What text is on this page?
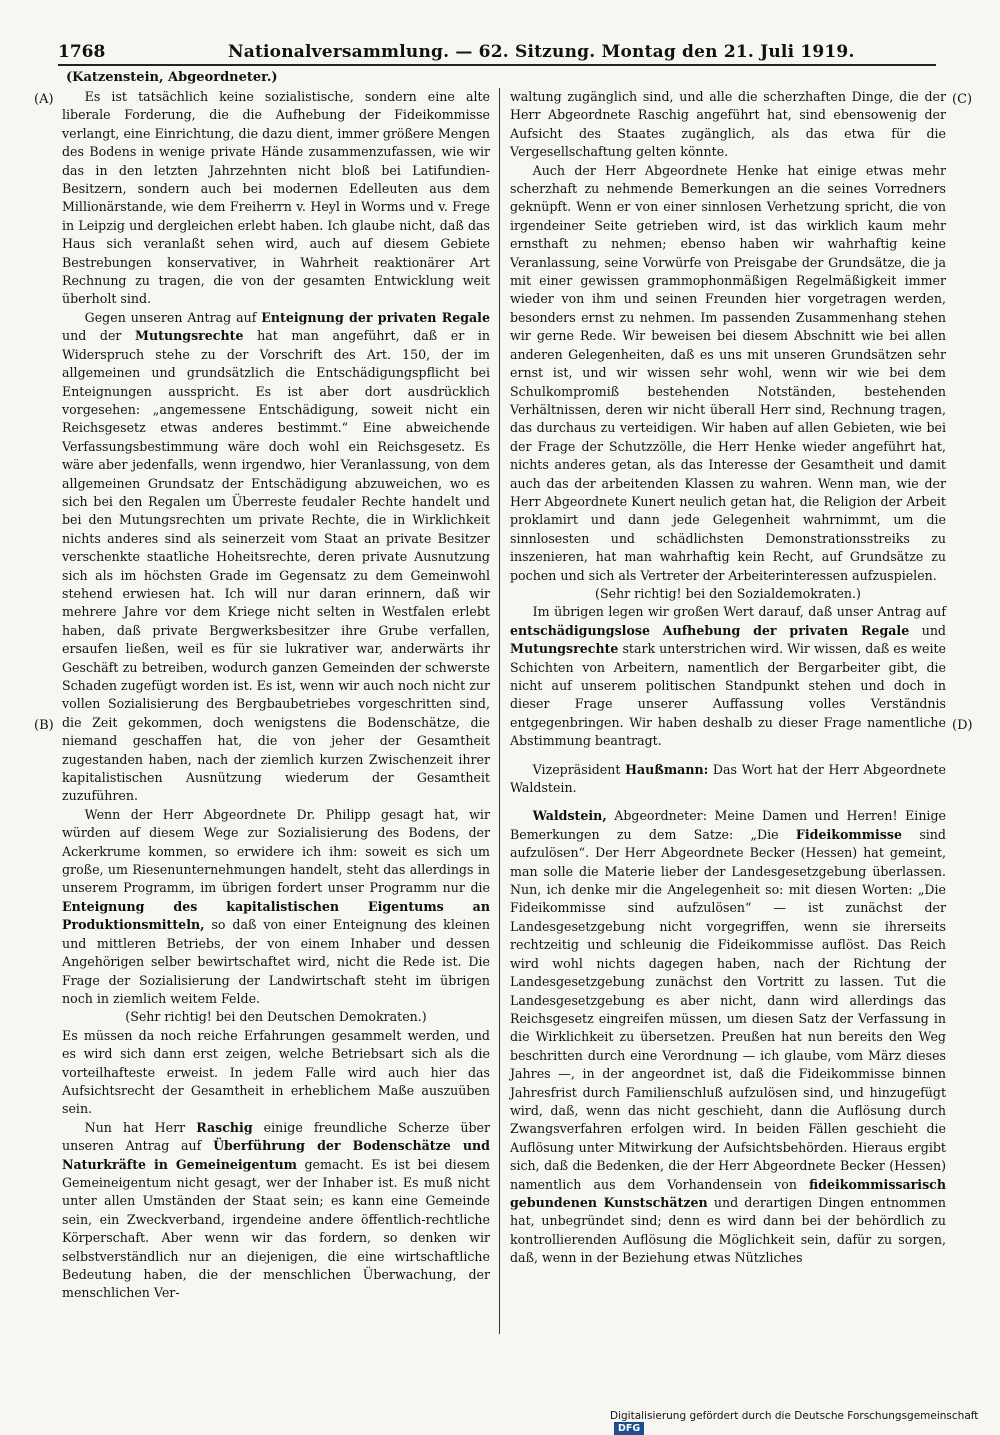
1768	Nationalversammlung. — 62. Sitzung. Montag den 21. Juli 1919.
(Katzenstein, Abgeordneter.)
(A)
(B)
(C)
(D)

Es ist tatsächlich keine sozialistische, sondern eine alte liberale Forderung, die die Aufhebung der Fideikommisse verlangt, eine Einrichtung, die dazu dient, immer größere Mengen des Bodens in wenige private Hände zusammenzufassen, wie wir das in den letzten Jahrzehnten nicht bloß bei Latifundien-Besitzern, sondern auch bei modernen Edelleuten aus dem Millionärstande, wie dem Freiherrn v. Heyl in Worms und v. Frege in Leipzig und dergleichen erlebt haben. Ich glaube nicht, daß das Haus sich veranlaßt sehen wird, auch auf diesem Gebiete Bestrebungen konservativer, in Wahrheit reaktionärer Art Rechnung zu tragen, die von der gesamten Entwicklung weit überholt sind.

Gegen unseren Antrag auf Enteignung der privaten Regale und der Mutungsrechte hat man angeführt, daß er in Widerspruch stehe zu der Vorschrift des Art. 150, der im allgemeinen und grundsätzlich die Entschädigungspflicht bei Enteignungen ausspricht. Es ist aber dort ausdrücklich vorgesehen: „angemessene Entschädigung, soweit nicht ein Reichsgesetz etwas anderes bestimmt.“ Eine abweichende Verfassungsbestimmung wäre doch wohl ein Reichsgesetz. Es wäre aber jedenfalls, wenn irgendwo, hier Veranlassung, von dem allgemeinen Grundsatz der Entschädigung abzuweichen, wo es sich bei den Regalen um Überreste feudaler Rechte handelt und bei den Mutungsrechten um private Rechte, die in Wirklichkeit nichts anderes sind als seinerzeit vom Staat an private Besitzer verschenkte staatliche Hoheitsrechte, deren private Ausnutzung sich als im höchsten Grade im Gegensatz zu dem Gemeinwohl stehend erwiesen hat. Ich will nur daran erinnern, daß wir mehrere Jahre vor dem Kriege nicht selten in Westfalen erlebt haben, daß private Bergwerksbesitzer ihre Grube verfallen, ersaufen ließen, weil es für sie lukrativer war, anderwärts ihr Geschäft zu betreiben, wodurch ganzen Gemeinden der schwerste Schaden zugefügt worden ist. Es ist, wenn wir auch noch nicht zur vollen Sozialisierung des Bergbaubetriebes vorgeschritten sind, die Zeit gekommen, doch wenigstens die Bodenschätze, die niemand geschaffen hat, die von jeher der Gesamtheit zugestanden haben, nach der ziemlich kurzen Zwischenzeit ihrer kapitalistischen Ausnützung wiederum der Gesamtheit zuzuführen.

Wenn der Herr Abgeordnete Dr. Philipp gesagt hat, wir würden auf diesem Wege zur Sozialisierung des Bodens, der Ackerkrume kommen, so erwidere ich ihm: soweit es sich um große, um Riesenunternehmungen handelt, steht das allerdings in unserem Programm, im übrigen fordert unser Programm nur die Enteignung des kapitalistischen Eigentums an Produktionsmitteln, so daß von einer Enteignung des kleinen und mittleren Betriebs, der von einem Inhaber und dessen Angehörigen selber bewirtschaftet wird, nicht die Rede ist. Die Frage der Sozialisierung der Landwirtschaft steht im übrigen noch in ziemlich weitem Felde.

(Sehr richtig! bei den Deutschen Demokraten.)

Es müssen da noch reiche Erfahrungen gesammelt werden, und es wird sich dann erst zeigen, welche Betriebsart sich als die vorteilhafteste erweist. In jedem Falle wird auch hier das Aufsichtsrecht der Gesamtheit in erheblichem Maße auszuüben sein.

Nun hat Herr Raschig einige freundliche Scherze über unseren Antrag auf Überführung der Bodenschätze und Naturkräfte in Gemeineigentum gemacht. Es ist bei diesem Gemeineigentum nicht gesagt, wer der Inhaber ist. Es muß nicht unter allen Umständen der Staat sein; es kann eine Gemeinde sein, ein Zweckverband, irgendeine andere öffentlich-rechtliche Körperschaft. Aber wenn wir das fordern, so denken wir selbstverständlich nur an diejenigen, die eine wirtschaftliche Bedeutung haben, die der menschlichen Überwachung, der menschlichen Ver-

waltung zugänglich sind, und alle die scherzhaften Dinge, die der Herr Abgeordnete Raschig angeführt hat, sind ebensowenig der Aufsicht des Staates zugänglich, als das etwa für die Vergesellschaftung gelten könnte.

Auch der Herr Abgeordnete Henke hat einige etwas mehr scherzhaft zu nehmende Bemerkungen an die seines Vorredners geknüpft. Wenn er von einer sinnlosen Verhetzung spricht, die von irgendeiner Seite getrieben wird, ist das wirklich kaum mehr ernsthaft zu nehmen; ebenso haben wir wahrhaftig keine Veranlassung, seine Vorwürfe von Preisgabe der Grundsätze, die ja mit einer gewissen grammophonmäßigen Regelmäßigkeit immer wieder von ihm und seinen Freunden hier vorgetragen werden, besonders ernst zu nehmen. Im passenden Zusammenhang stehen wir gerne Rede. Wir beweisen bei diesem Abschnitt wie bei allen anderen Gelegenheiten, daß es uns mit unseren Grundsätzen sehr ernst ist, und wir wissen sehr wohl, wenn wir wie bei dem Schulkompromiß bestehenden Notständen, bestehenden Verhältnissen, deren wir nicht überall Herr sind, Rechnung tragen, das durchaus zu verteidigen. Wir haben auf allen Gebieten, wie bei der Frage der Schutzzölle, die Herr Henke wieder angeführt hat, nichts anderes getan, als das Interesse der Gesamtheit und damit auch das der arbeitenden Klassen zu wahren. Wenn man, wie der Herr Abgeordnete Kunert neulich getan hat, die Religion der Arbeit proklamirt und dann jede Gelegenheit wahrnimmt, um die sinnlosesten und schädlichsten Demonstrationsstreiks zu inszenieren, hat man wahrhaftig kein Recht, auf Grundsätze zu pochen und sich als Vertreter der Arbeiterinteressen aufzuspielen.

(Sehr richtig! bei den Sozialdemokraten.)

Im übrigen legen wir großen Wert darauf, daß unser Antrag auf entschädigungslose Aufhebung der privaten Regale und Mutungsrechte stark unterstrichen wird. Wir wissen, daß es weite Schichten von Arbeitern, namentlich der Bergarbeiter gibt, die nicht auf unserem politischen Standpunkt stehen und doch in dieser Frage unserer Auffassung volles Verständnis entgegenbringen. Wir haben deshalb zu dieser Frage namentliche Abstimmung beantragt.

Vizepräsident Haußmann: Das Wort hat der Herr Abgeordnete Waldstein.

Waldstein, Abgeordneter: Meine Damen und Herren! Einige Bemerkungen zu dem Satze: „Die Fideikommisse sind aufzulösen“. Der Herr Abgeordnete Becker (Hessen) hat gemeint, man solle die Materie lieber der Landesgesetzgebung überlassen. Nun, ich denke mir die Angelegenheit so: mit diesen Worten: „Die Fideikommisse sind aufzulösen“ — ist zunächst der Landesgesetzgebung nicht vorgegriffen, wenn sie ihrerseits rechtzeitig und schleunig die Fideikommisse auflöst. Das Reich wird wohl nichts dagegen haben, nach der Richtung der Landesgesetzgebung zunächst den Vortritt zu lassen. Tut die Landesgesetzgebung es aber nicht, dann wird allerdings das Reichsgesetz eingreifen müssen, um diesen Satz der Verfassung in die Wirklichkeit zu übersetzen. Preußen hat nun bereits den Weg beschritten durch eine Verordnung — ich glaube, vom März dieses Jahres —, in der angeordnet ist, daß die Fideikommisse binnen Jahresfrist durch Familienschluß aufzulösen sind, und hinzugefügt wird, daß, wenn das nicht geschieht, dann die Auflösung durch Zwangsverfahren erfolgen wird. In beiden Fällen geschieht die Auflösung unter Mitwirkung der Aufsichtsbehörden. Hieraus ergibt sich, daß die Bedenken, die der Herr Abgeordnete Becker (Hessen) namentlich aus dem Vorhandensein von fideikommissarisch gebundenen Kunstschätzen und derartigen Dingen entnommen hat, unbegründet sind; denn es wird dann bei der behördlich zu kontrollierenden Auflösung die Möglichkeit sein, dafür zu sorgen, daß, wenn in der Beziehung etwas Nützliches

Digitalisierung gefördert durch die Deutsche Forschungsgemeinschaft DFG
